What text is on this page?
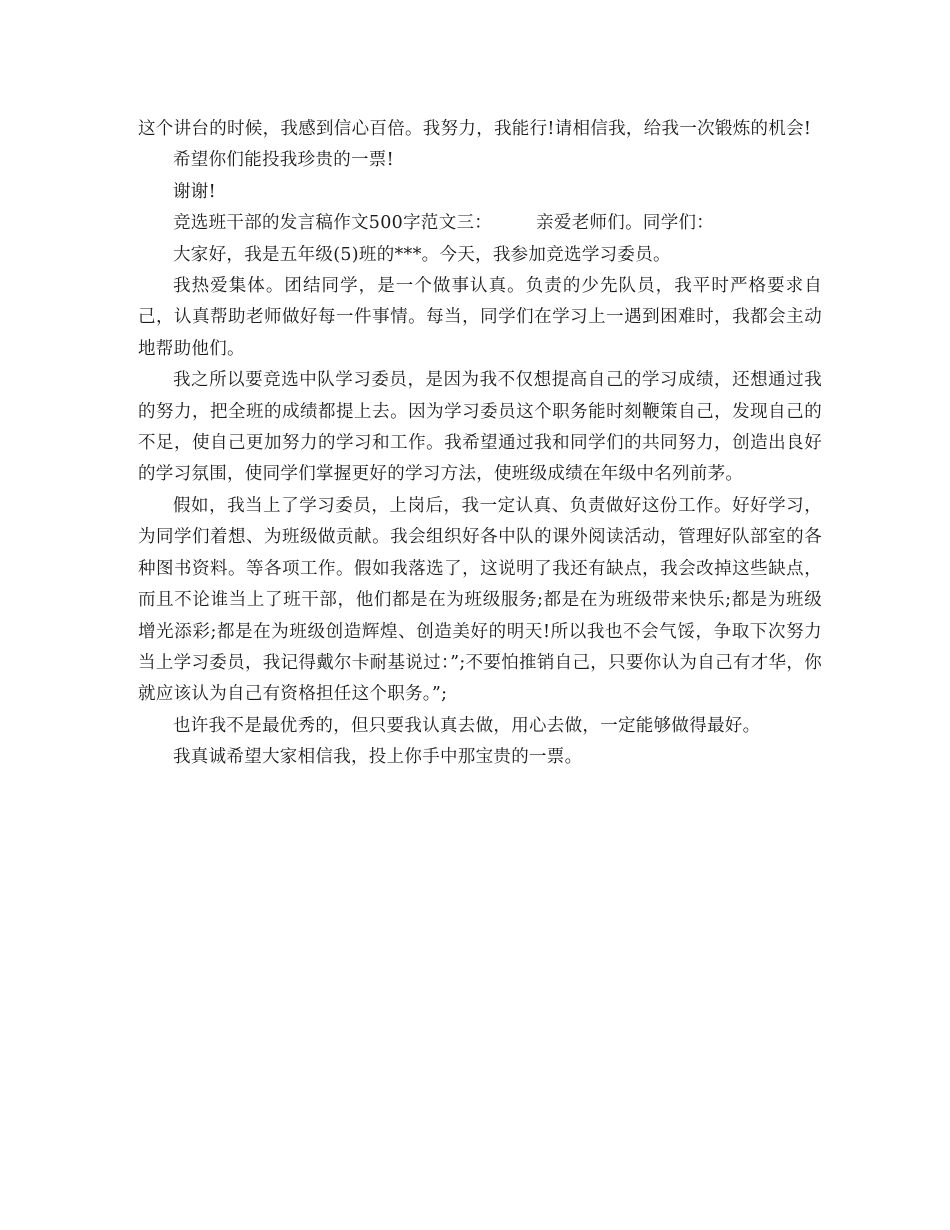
这个讲台的时候，我感到信心百倍。我努力，我能行!请相信我，给我一次锻炼的机会!

希望你们能投我珍贵的一票!

谢谢!

竞选班干部的发言稿作文500字范文三：	亲爱老师们。同学们：

大家好，我是五年级(5)班的***。今天，我参加竞选学习委员。

我热爱集体。团结同学，是一个做事认真。负责的少先队员，我平时严格要求自己，认真帮助老师做好每一件事情。每当，同学们在学习上一遇到困难时，我都会主动地帮助他们。

我之所以要竞选中队学习委员，是因为我不仅想提高自己的学习成绩，还想通过我的努力，把全班的成绩都提上去。因为学习委员这个职务能时刻鞭策自己，发现自己的不足，使自己更加努力的学习和工作。我希望通过我和同学们的共同努力，创造出良好的学习氛围，使同学们掌握更好的学习方法，使班级成绩在年级中名列前茅。

假如，我当上了学习委员，上岗后，我一定认真、负责做好这份工作。好好学习，为同学们着想、为班级做贡献。我会组织好各中队的课外阅读活动，管理好队部室的各种图书资料。等各项工作。假如我落选了，这说明了我还有缺点，我会改掉这些缺点，而且不论谁当上了班干部，他们都是在为班级服务;都是在为班级带来快乐;都是为班级增光添彩;都是在为班级创造辉煌、创造美好的明天!所以我也不会气馁，争取下次努力当上学习委员，我记得戴尔卡耐基说过：”;不要怕推销自己，只要你认为自己有才华，你就应该认为自己有资格担任这个职务。”;

也许我不是最优秀的，但只要我认真去做，用心去做，一定能够做得最好。

我真诚希望大家相信我，投上你手中那宝贵的一票。
